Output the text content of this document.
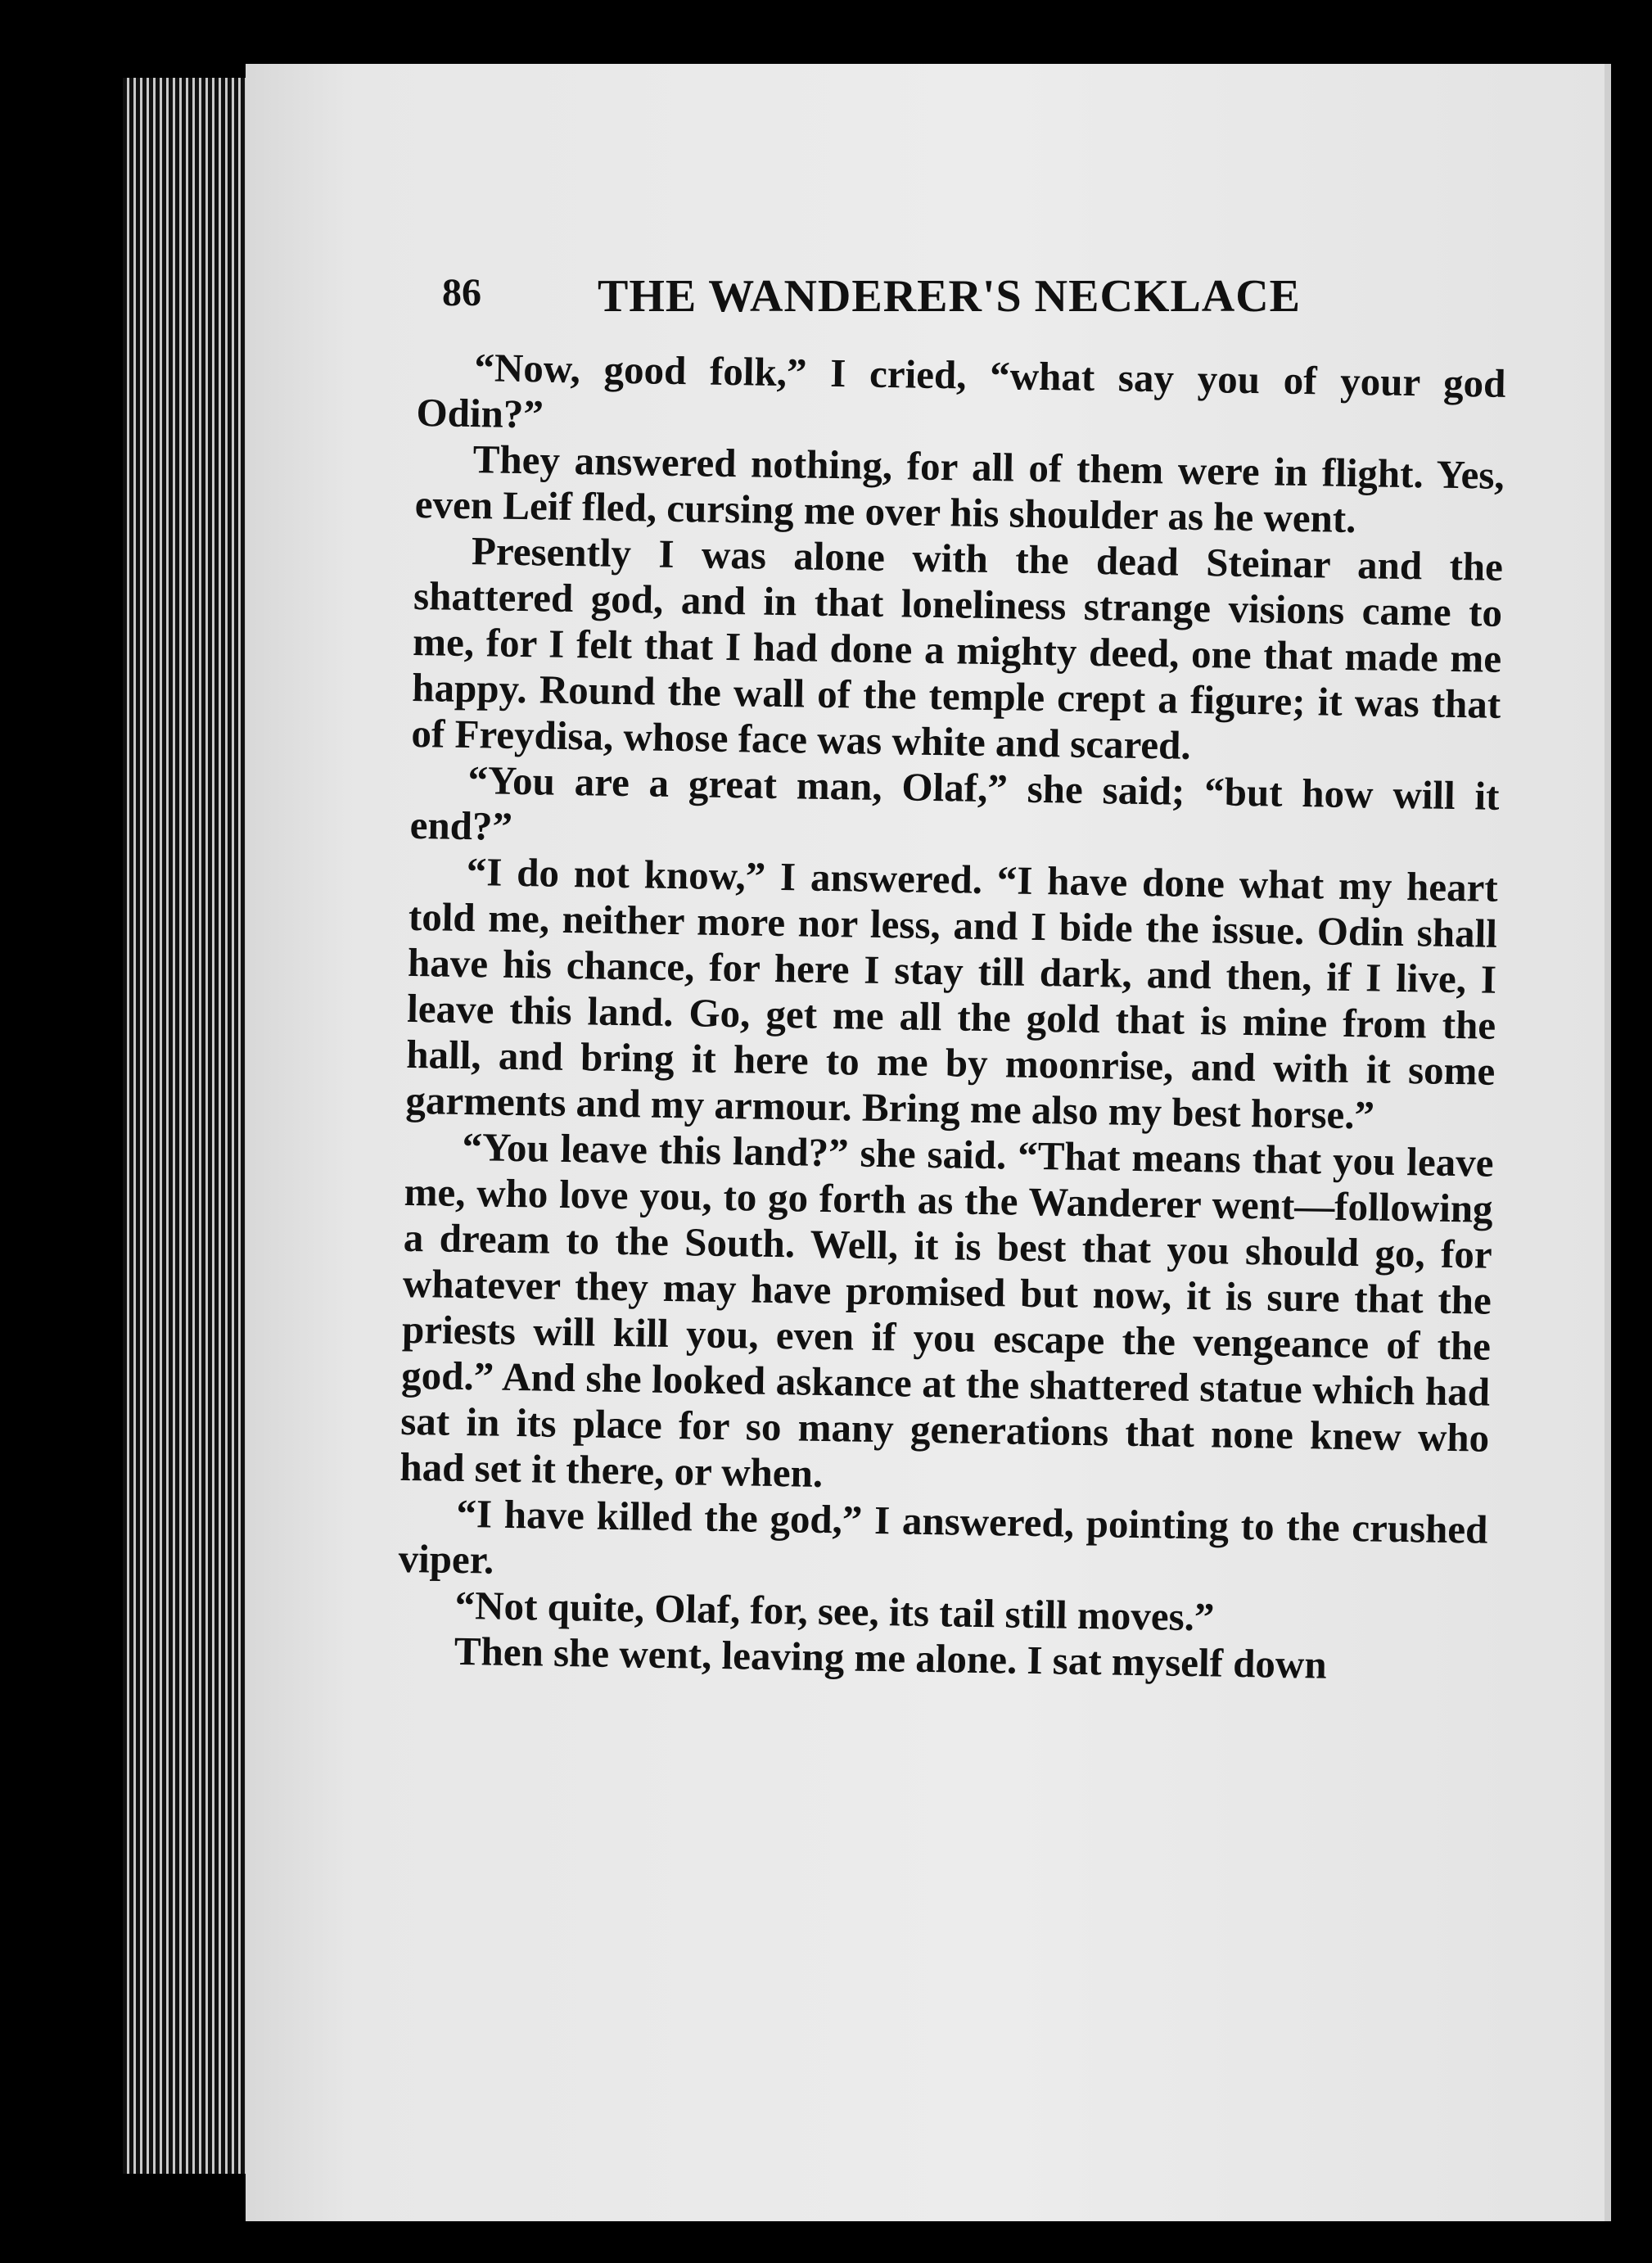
86	THE WANDERER'S NECKLACE

“Now, good folk,” I cried, “what say you of your god Odin?”

They answered nothing, for all of them were in flight. Yes, even Leif fled, cursing me over his shoulder as he went.

Presently I was alone with the dead Steinar and the shattered god, and in that loneliness strange visions came to me, for I felt that I had done a mighty deed, one that made me happy. Round the wall of the temple crept a figure; it was that of Freydisa, whose face was white and scared.

“You are a great man, Olaf,” she said; “but how will it end?”

“I do not know,” I answered. “I have done what my heart told me, neither more nor less, and I bide the issue. Odin shall have his chance, for here I stay till dark, and then, if I live, I leave this land. Go, get me all the gold that is mine from the hall, and bring it here to me by moonrise, and with it some garments and my armour. Bring me also my best horse.”

“You leave this land?” she said. “That means that you leave me, who love you, to go forth as the Wanderer went—following a dream to the South. Well, it is best that you should go, for whatever they may have promised but now, it is sure that the priests will kill you, even if you escape the vengeance of the god.” And she looked askance at the shattered statue which had sat in its place for so many generations that none knew who had set it there, or when.

“I have killed the god,” I answered, pointing to the crushed viper.

“Not quite, Olaf, for, see, its tail still moves.”

Then she went, leaving me alone. I sat myself down
